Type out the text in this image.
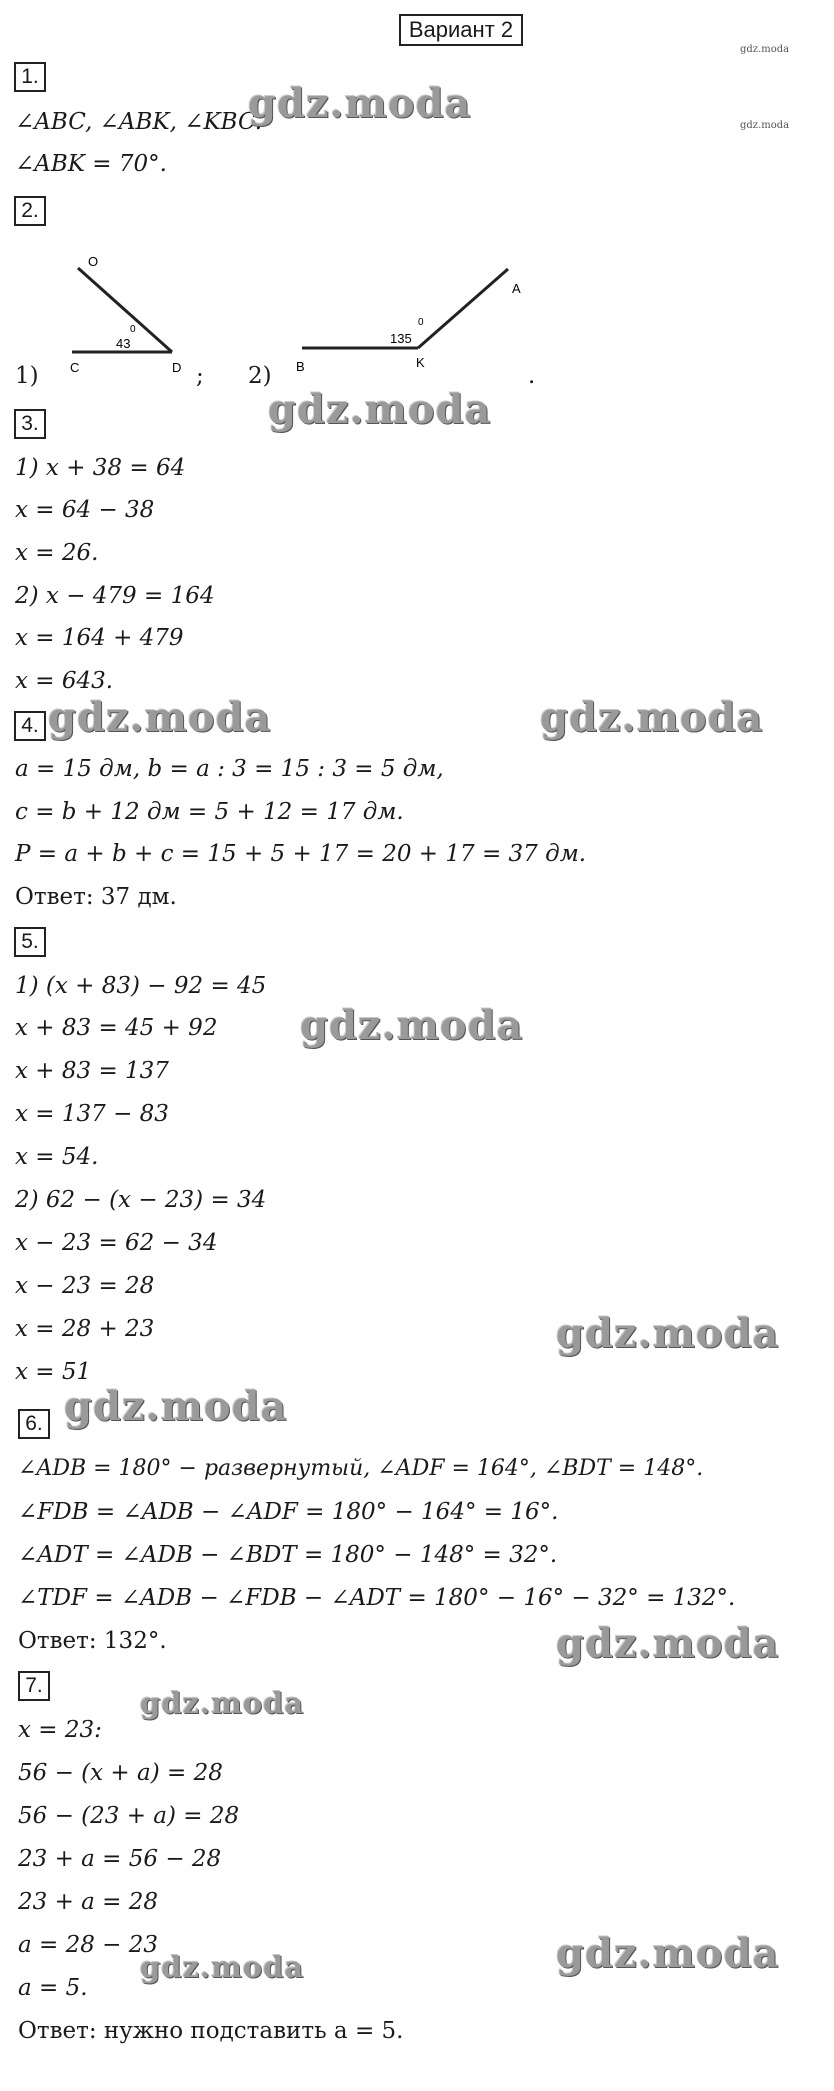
Вариант 2
gdz.moda
gdz.moda
1.
∠ABC, ∠ABK, ∠KBC.
∠ABK = 70°.
gdz.moda
2.
1)	; 2)	.
O
C	D
43
0
B	K
A
135
0
3.	gdz.moda
1) x + 38 = 64
x = 64 − 38
x = 26.
2) x − 479 = 164
x = 164 + 479
x = 643.
4. gdz.moda	gdz.moda
a = 15 дм, b = a : 3 = 15 : 3 = 5 дм,
c = b + 12 дм = 5 + 12 = 17 дм.
P = a + b + c = 15 + 5 + 17 = 20 + 17 = 37 дм.
Ответ: 37 дм.
5.
gdz.moda
1) (x + 83) − 92 = 45
x + 83 = 45 + 92
x + 83 = 137
x = 137 − 83
x = 54.
2) 62 − (x − 23) = 34
x − 23 = 62 − 34
x − 23 = 28
x = 28 + 23
x = 51
gdz.moda
6. gdz.moda
∠ADB = 180° − развернутый, ∠ADF = 164°, ∠BDT = 148°.
∠FDB = ∠ADB − ∠ADF = 180° − 164° = 16°.
∠ADT = ∠ADB − ∠BDT = 180° − 148° = 32°.
∠TDF = ∠ADB − ∠FDB − ∠ADT = 180° − 16° − 32° = 132°.
Ответ: 132°.	gdz.moda
7.
gdz.moda
x = 23:
56 − (x + a) = 28
56 − (23 + a) = 28
23 + a = 56 − 28
23 + a = 28
a = 28 − 23
a = 5.
Ответ: нужно подставить a = 5.
gdz.moda	gdz.moda
